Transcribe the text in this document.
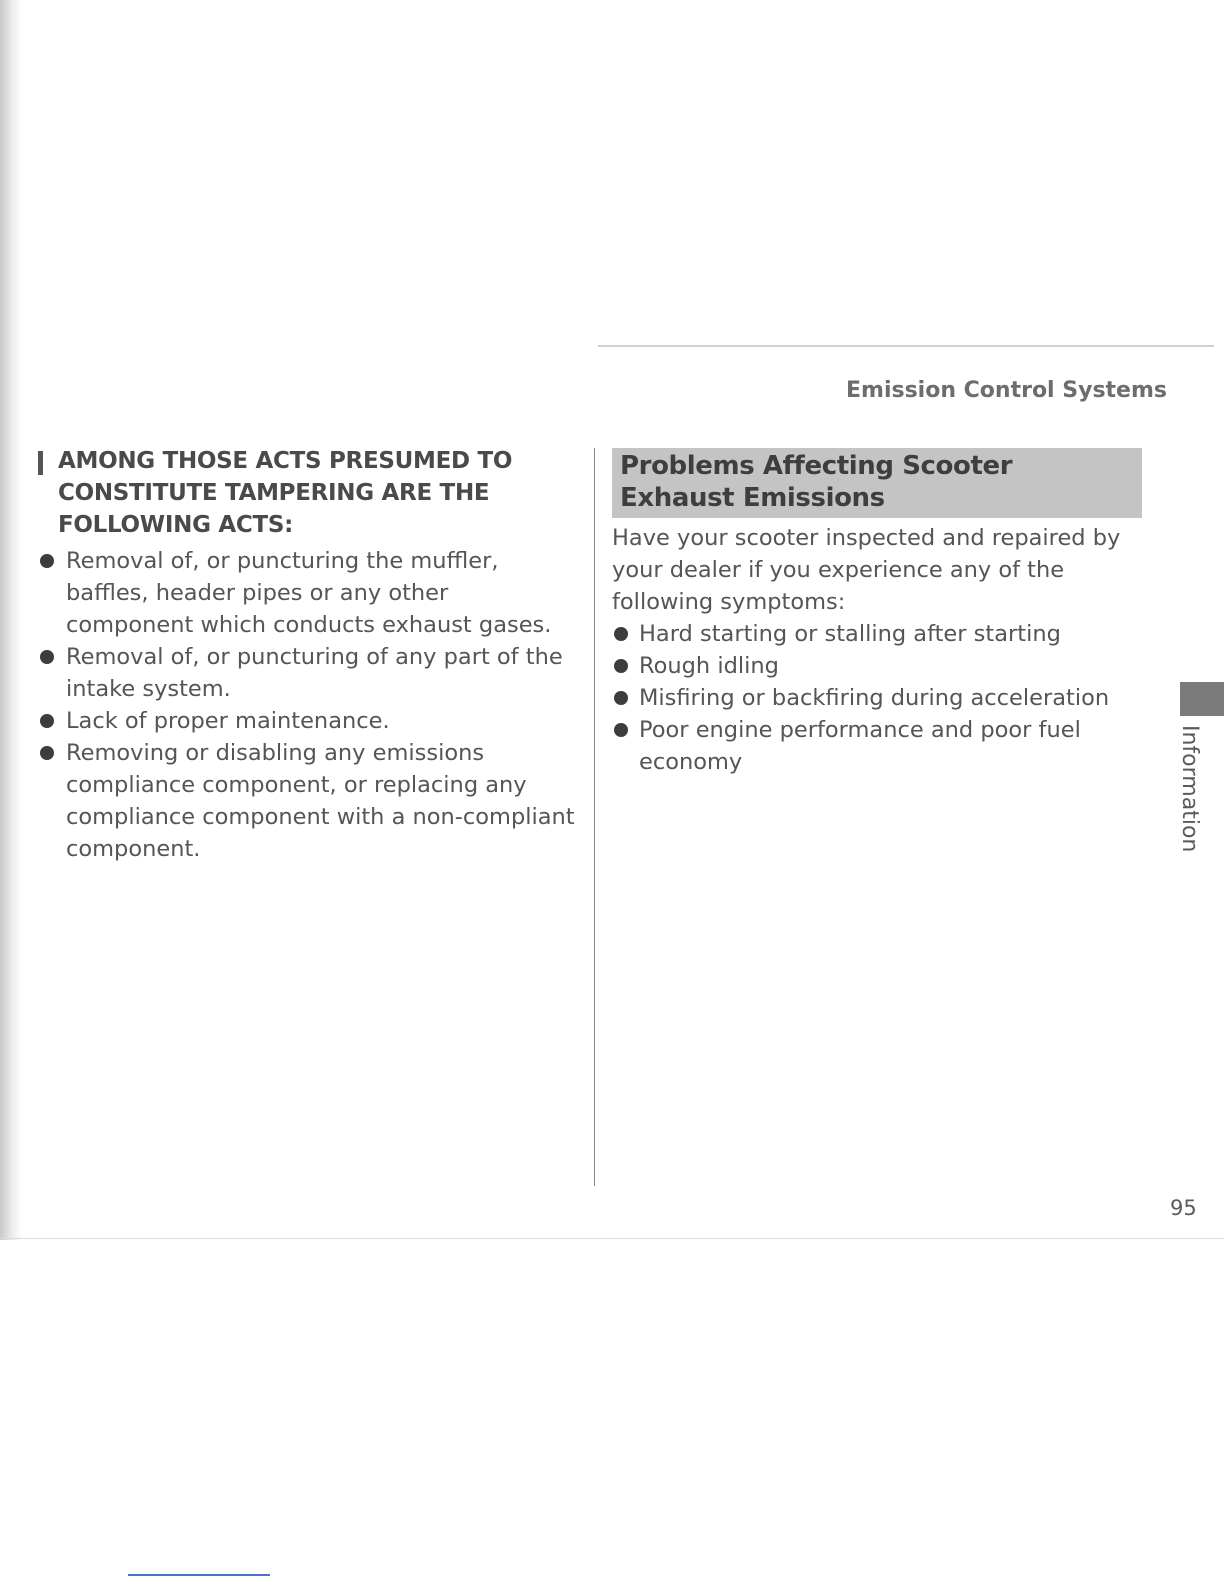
Emission Control Systems
AMONG THOSE ACTS PRESUMED TO CONSTITUTE TAMPERING ARE THE FOLLOWING ACTS:
Removal of, or puncturing the muffler, baffles, header pipes or any other component which conducts exhaust gases.
Removal of, or puncturing of any part of the intake system.
Lack of proper maintenance.
Removing or disabling any emissions compliance component, or replacing any compliance component with a non-compliant component.
Problems Affecting Scooter Exhaust Emissions

Have your scooter inspected and repaired by your dealer if you experience any of the following symptoms:

Hard starting or stalling after starting
Rough idling
Misfiring or backfiring during acceleration
Poor engine performance and poor fuel economy	Information
95
